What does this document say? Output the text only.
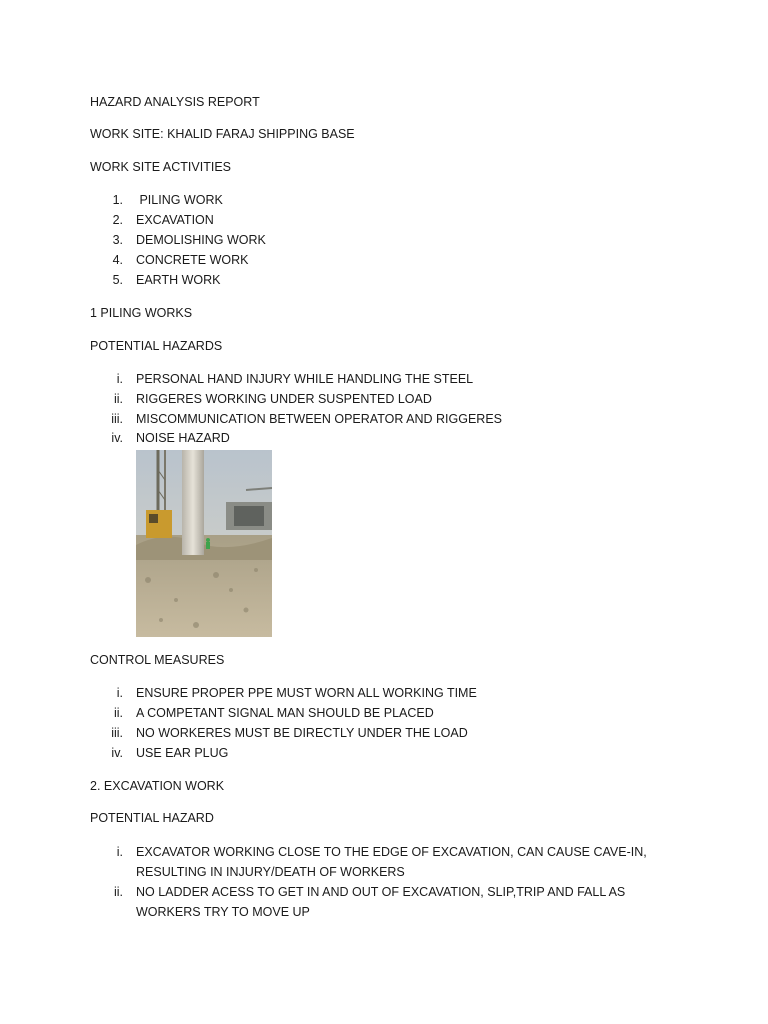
HAZARD ANALYSIS REPORT
WORK SITE: KHALID FARAJ SHIPPING BASE
WORK SITE ACTIVITIES
1. PILING WORK
2. EXCAVATION
3. DEMOLISHING WORK
4. CONCRETE WORK
5. EARTH WORK
1 PILING WORKS
POTENTIAL HAZARDS
i. PERSONAL HAND INJURY WHILE HANDLING THE STEEL
ii. RIGGERES WORKING UNDER SUSPENTED LOAD
iii. MISCOMMUNICATION BETWEEN OPERATOR AND RIGGERES
iv. NOISE HAZARD
CONTROL MEASURES
i. ENSURE PROPER PPE MUST WORN ALL WORKING TIME
ii. A COMPETANT SIGNAL MAN SHOULD BE PLACED
iii. NO WORKERES MUST BE DIRECTLY UNDER THE LOAD
iv. USE EAR PLUG
2. EXCAVATION WORK
POTENTIAL HAZARD
i. EXCAVATOR WORKING CLOSE TO THE EDGE OF EXCAVATION, CAN CAUSE CAVE-IN, RESULTING IN INJURY/DEATH OF WORKERS
ii. NO LADDER ACESS TO GET IN AND OUT OF EXCAVATION, SLIP,TRIP AND FALL AS WORKERS TRY TO MOVE UP
